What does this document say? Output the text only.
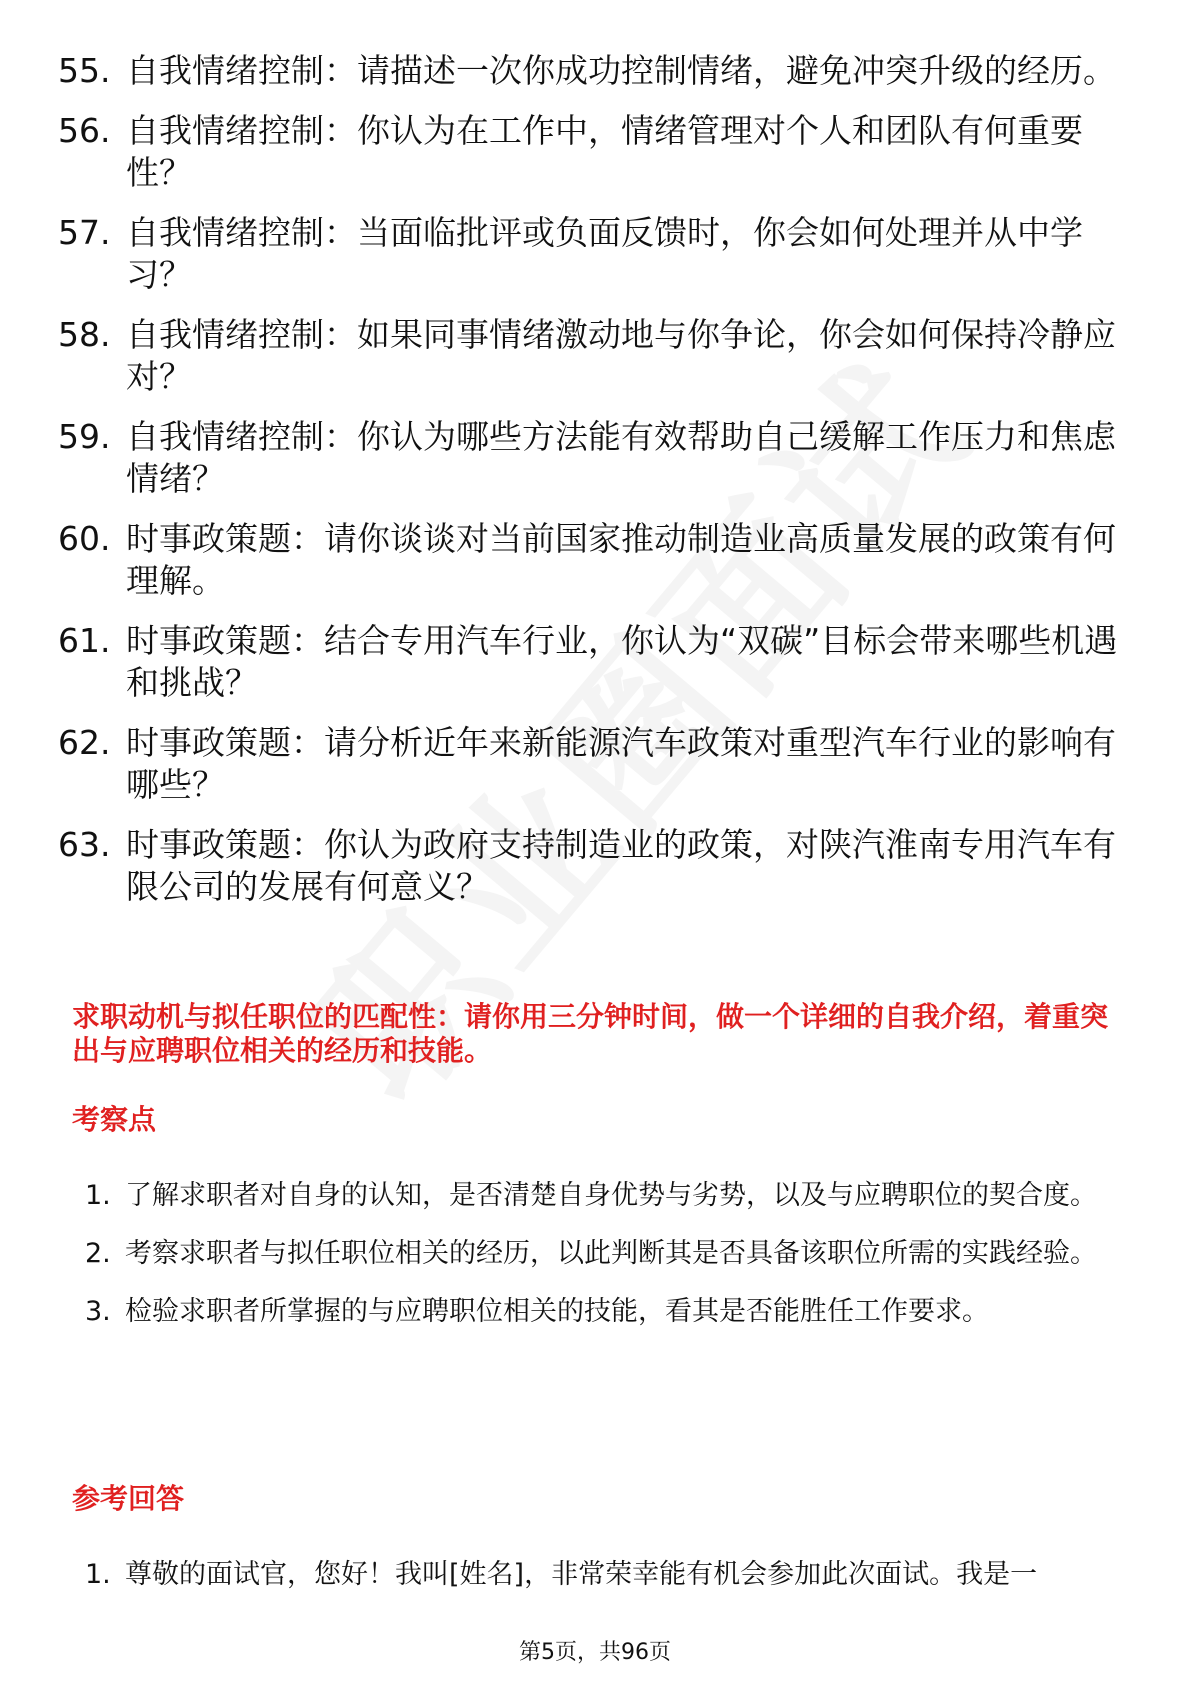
55. 自我情绪控制：请描述一次你成功控制情绪，避免冲突升级的经历。
56. 自我情绪控制：你认为在工作中，情绪管理对个人和团队有何重要性？
57. 自我情绪控制：当面临批评或负面反馈时，你会如何处理并从中学习？
58. 自我情绪控制：如果同事情绪激动地与你争论，你会如何保持冷静应对？
59. 自我情绪控制：你认为哪些方法能有效帮助自己缓解工作压力和焦虑情绪？
60. 时事政策题：请你谈谈对当前国家推动制造业高质量发展的政策有何理解。
61. 时事政策题：结合专用汽车行业，你认为“双碳”目标会带来哪些机遇和挑战？
62. 时事政策题：请分析近年来新能源汽车政策对重型汽车行业的影响有哪些？
63. 时事政策题：你认为政府支持制造业的政策，对陕汽淮南专用汽车有限公司的发展有何意义？
求职动机与拟任职位的匹配性：请你用三分钟时间，做一个详细的自我介绍，着重突出与应聘职位相关的经历和技能。
考察点
1. 了解求职者对自身的认知，是否清楚自身优势与劣势，以及与应聘职位的契合度。
2. 考察求职者与拟任职位相关的经历，以此判断其是否具备该职位所需的实践经验。
3. 检验求职者所掌握的与应聘职位相关的技能，看其是否能胜任工作要求。
参考回答
1. 尊敬的面试官，您好！我叫[姓名]，非常荣幸能有机会参加此次面试。我是一
第5页，共96页
